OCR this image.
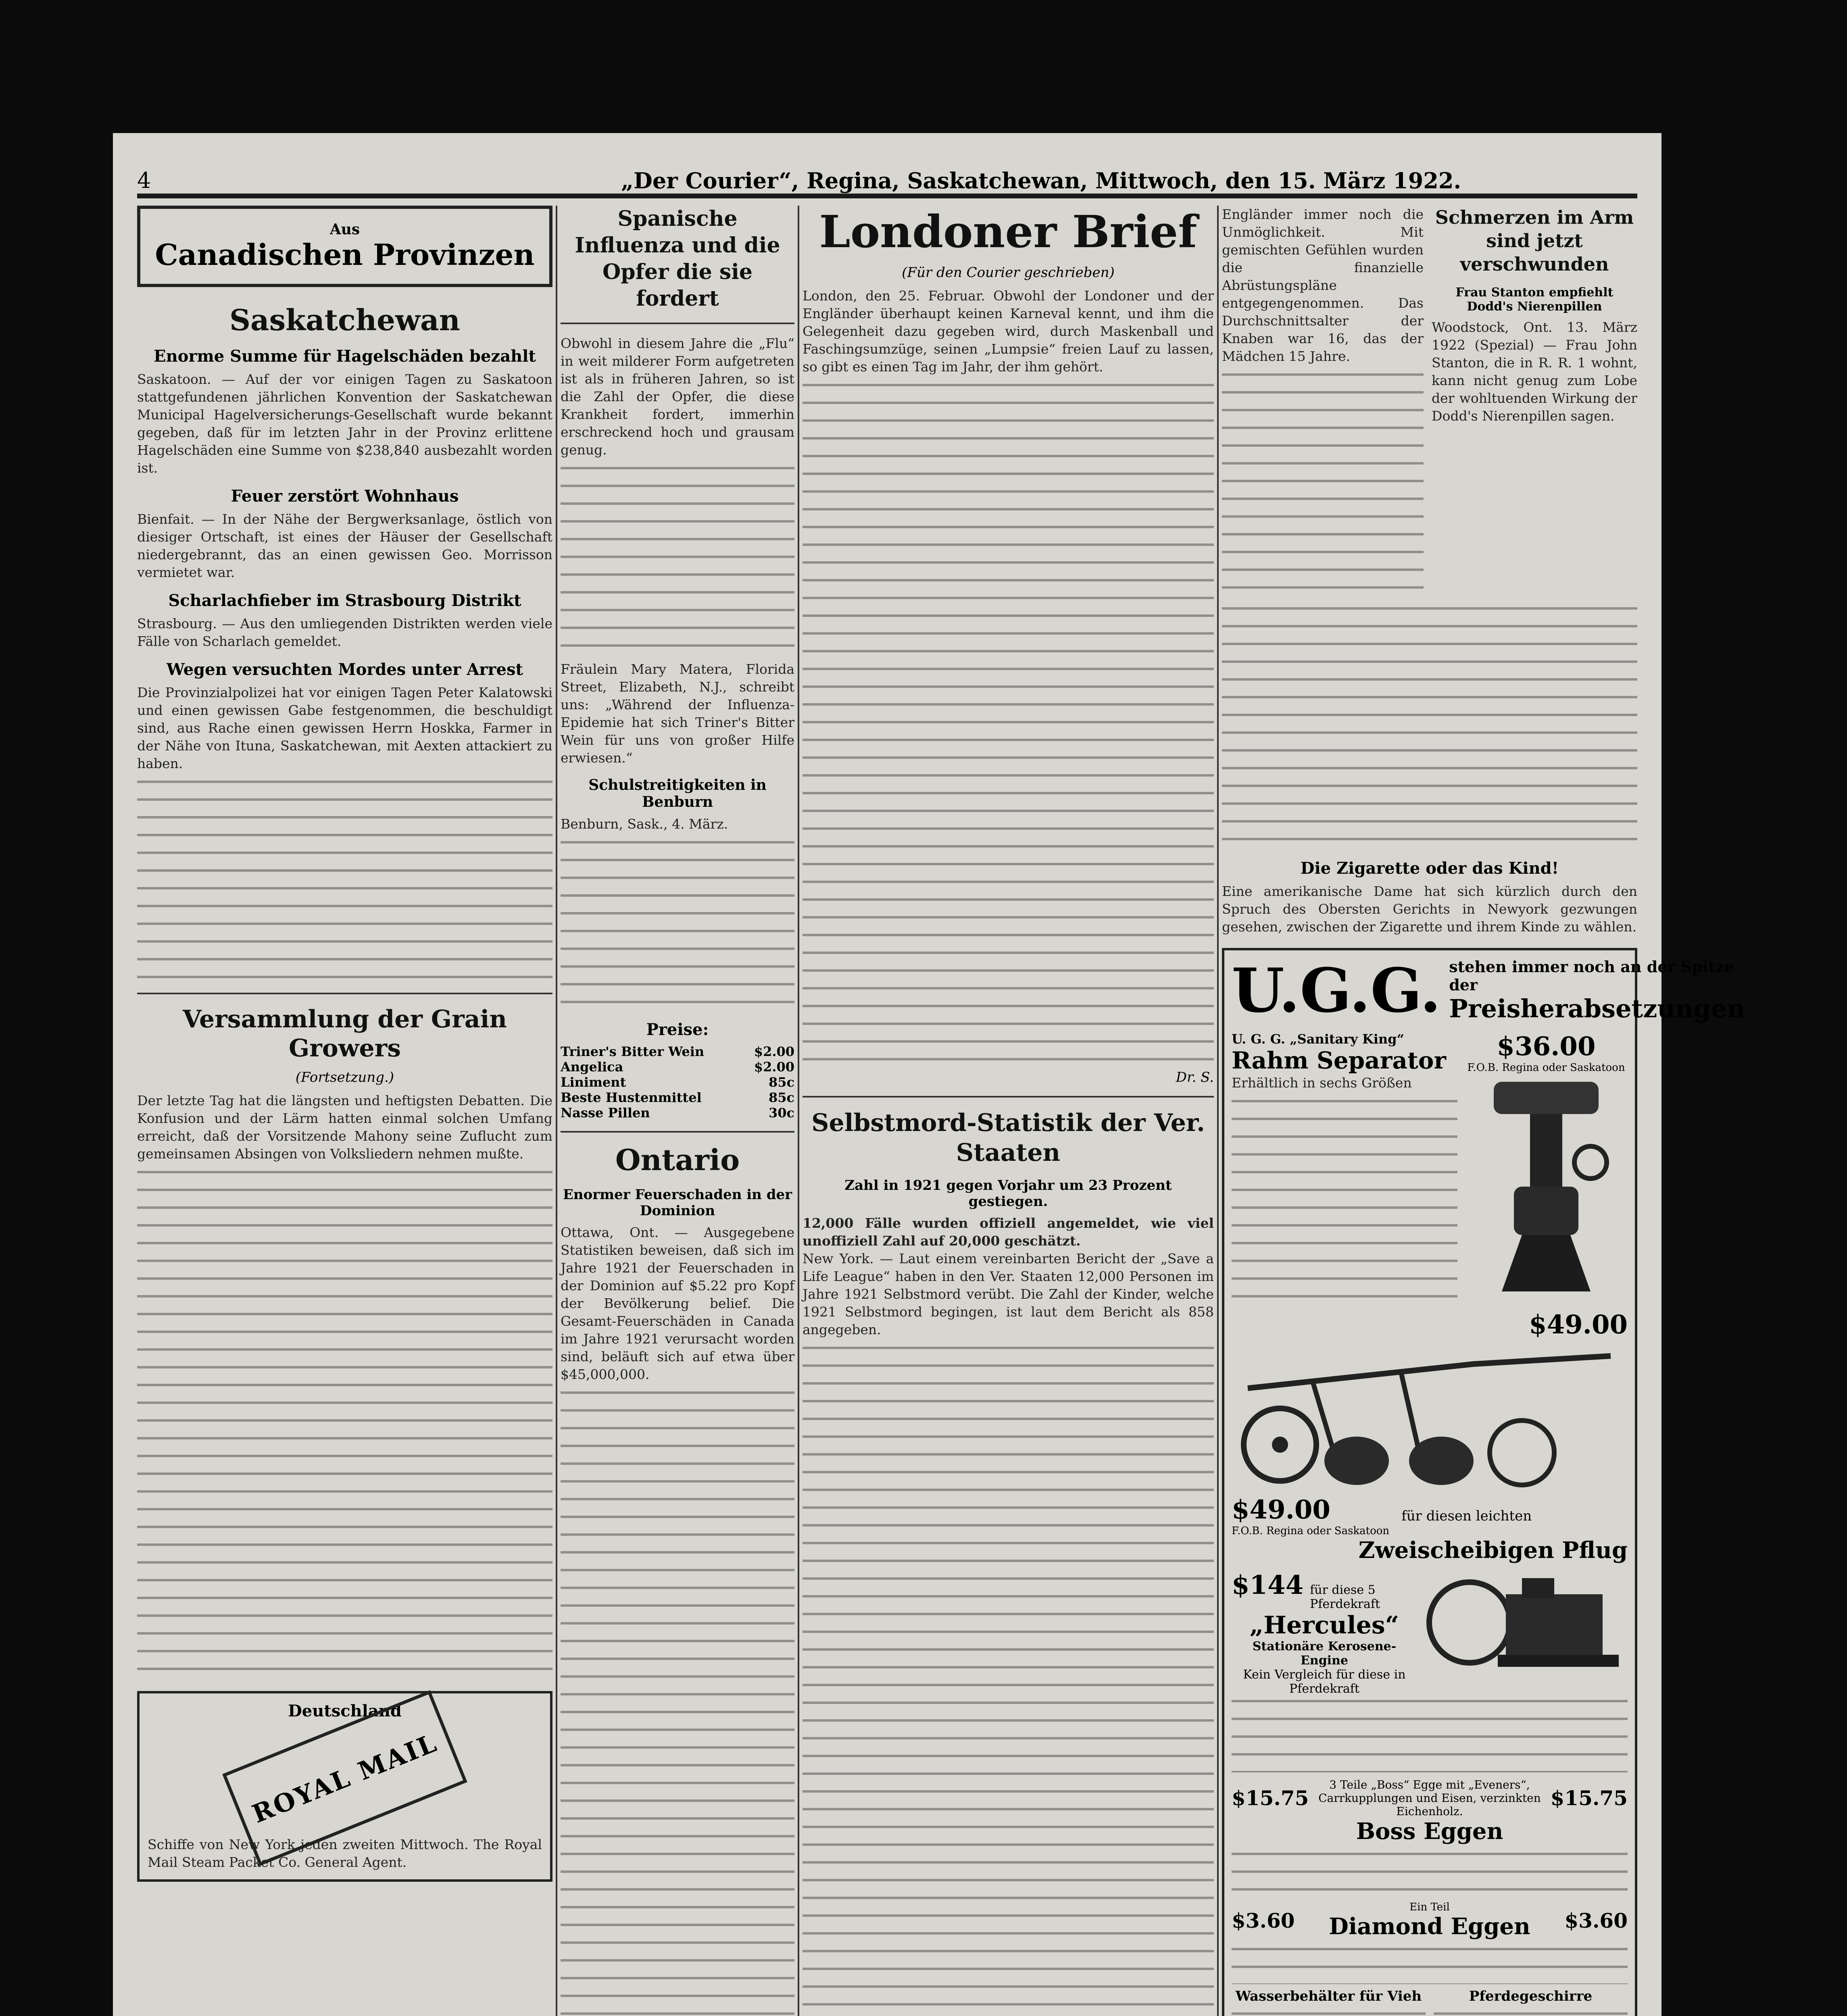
4	„Der Courier“, Regina, Saskatchewan, Mittwoch, den 15. März 1922.
Aus
Canadischen Provinzen
Saskatchewan
Enorme Summe für Hagelschäden bezahlt
Saskatoon. — Auf der vor einigen Tagen zu Saskatoon stattgefundenen jährlichen Konvention der Saskatchewan Municipal Hagelversicherungs-Gesellschaft wurde bekannt gegeben, daß für im letzten Jahr in der Provinz erlittene Hagelschäden eine Summe von $238,840 ausbezahlt worden ist.
Feuer zerstört Wohnhaus
Bienfait. — In der Nähe der Bergwerksanlage, östlich von diesiger Ortschaft, ist eines der Häuser der Gesellschaft niedergebrannt, das an einen gewissen Geo. Morrisson vermietet war.
Scharlachfieber im Strasbourg Distrikt
Strasbourg. — Aus den umliegenden Distrikten werden viele Fälle von Scharlach gemeldet.
Wegen versuchten Mordes unter Arrest
Die Provinzialpolizei hat vor einigen Tagen Peter Kalatowski und einen gewissen Gabe festgenommen, die beschuldigt sind, aus Rache einen gewissen Herrn Hoskka, Farmer in der Nähe von Ituna, Saskatchewan, mit Aexten attackiert zu haben.
Versammlung der Grain Growers
(Fortsetzung.)
Der letzte Tag hat die längsten und heftigsten Debatten. Die Konfusion und der Lärm hatten einmal solchen Umfang erreicht, daß der Vorsitzende Mahony seine Zuflucht zum gemeinsamen Absingen von Volksliedern nehmen mußte.
Deutschland
ROYAL MAIL
Schiffe von New York jeden zweiten Mittwoch. The Royal Mail Steam Packet Co. General Agent.
Spanische Influenza und die Opfer die sie fordert
Obwohl in diesem Jahre die „Flu“ in weit milderer Form aufgetreten ist als in früheren Jahren, so ist die Zahl der Opfer, die diese Krankheit fordert, immerhin erschreckend hoch und grausam genug.
Fräulein Mary Matera, Florida Street, Elizabeth, N.J., schreibt uns: „Während der Influenza-Epidemie hat sich Triner's Bitter Wein für uns von großer Hilfe erwiesen.“
Schulstreitigkeiten in Benburn
Benburn, Sask., 4. März.
Preise:
Triner's Bitter Wein	$2.00
Angelica	$2.00
Liniment	85c
Beste Hustenmittel	85c
Nasse Pillen	30c
Ontario
Enormer Feuerschaden in der Dominion
Ottawa, Ont. — Ausgegebene Statistiken beweisen, daß sich im Jahre 1921 der Feuerschaden in der Dominion auf $5.22 pro Kopf der Bevölkerung belief. Die Gesamt-Feuerschäden in Canada im Jahre 1921 verursacht worden sind, beläuft sich auf etwa über $45,000,000.
Londoner Brief
(Für den Courier geschrieben)
London, den 25. Februar. Obwohl der Londoner und der Engländer überhaupt keinen Karneval kennt, und ihm die Gelegenheit dazu gegeben wird, durch Maskenball und Faschingsumzüge, seinen „Lumpsie“ freien Lauf zu lassen, so gibt es einen Tag im Jahr, der ihm gehört.
Dr. S.
Selbstmord-Statistik der Ver. Staaten
Zahl in 1921 gegen Vorjahr um 23 Prozent gestiegen.
12,000 Fälle wurden offiziell angemeldet, wie viel unoffiziell Zahl auf 20,000 geschätzt.
New York. — Laut einem vereinbarten Bericht der „Save a Life League“ haben in den Ver. Staaten 12,000 Personen im Jahre 1921 Selbstmord verübt. Die Zahl der Kinder, welche 1921 Selbstmord begingen, ist laut dem Bericht als 858 angegeben.
Engländer immer noch die Unmöglichkeit. Mit gemischten Gefühlen wurden die finanzielle Abrüstungspläne entgegengenommen. Das Durchschnittsalter der Knaben war 16, das der Mädchen 15 Jahre.
Schmerzen im Arm sind jetzt verschwunden
Frau Stanton empfiehlt Dodd's Nierenpillen
Woodstock, Ont. 13. März 1922 (Spezial) — Frau John Stanton, die in R. R. 1 wohnt, kann nicht genug zum Lobe der wohltuenden Wirkung der Dodd's Nierenpillen sagen.
Die Zigarette oder das Kind!
Eine amerikanische Dame hat sich kürzlich durch den Spruch des Obersten Gerichts in Newyork gezwungen gesehen, zwischen der Zigarette und ihrem Kinde zu wählen.
U.G.G. stehen immer noch an der Spitze der
Preisherabsetzungen
U. G. G. „Sanitary King“
Rahm Separator
Erhältlich in sechs Größen
$36.00
F.O.B. Regina oder Saskatoon
$49.00
$49.00
F.O.B. Regina oder Saskatoon
für diesen leichten
Zweischeibigen Pflug
$144 für diese 5 Pferdekraft
„Hercules“
Stationäre Kerosene-Engine
Kein Vergleich für diese in Pferdekraft
$15.75
3 Teile „Boss“ Egge mit „Eveners“, Carrkupplungen und Eisen, verzinkten Eichenholz.
$15.75
Boss Eggen
$3.60
Ein Teil
Diamond Eggen $3.60
Wasserbehälter für Vieh	Pferdegeschirre
